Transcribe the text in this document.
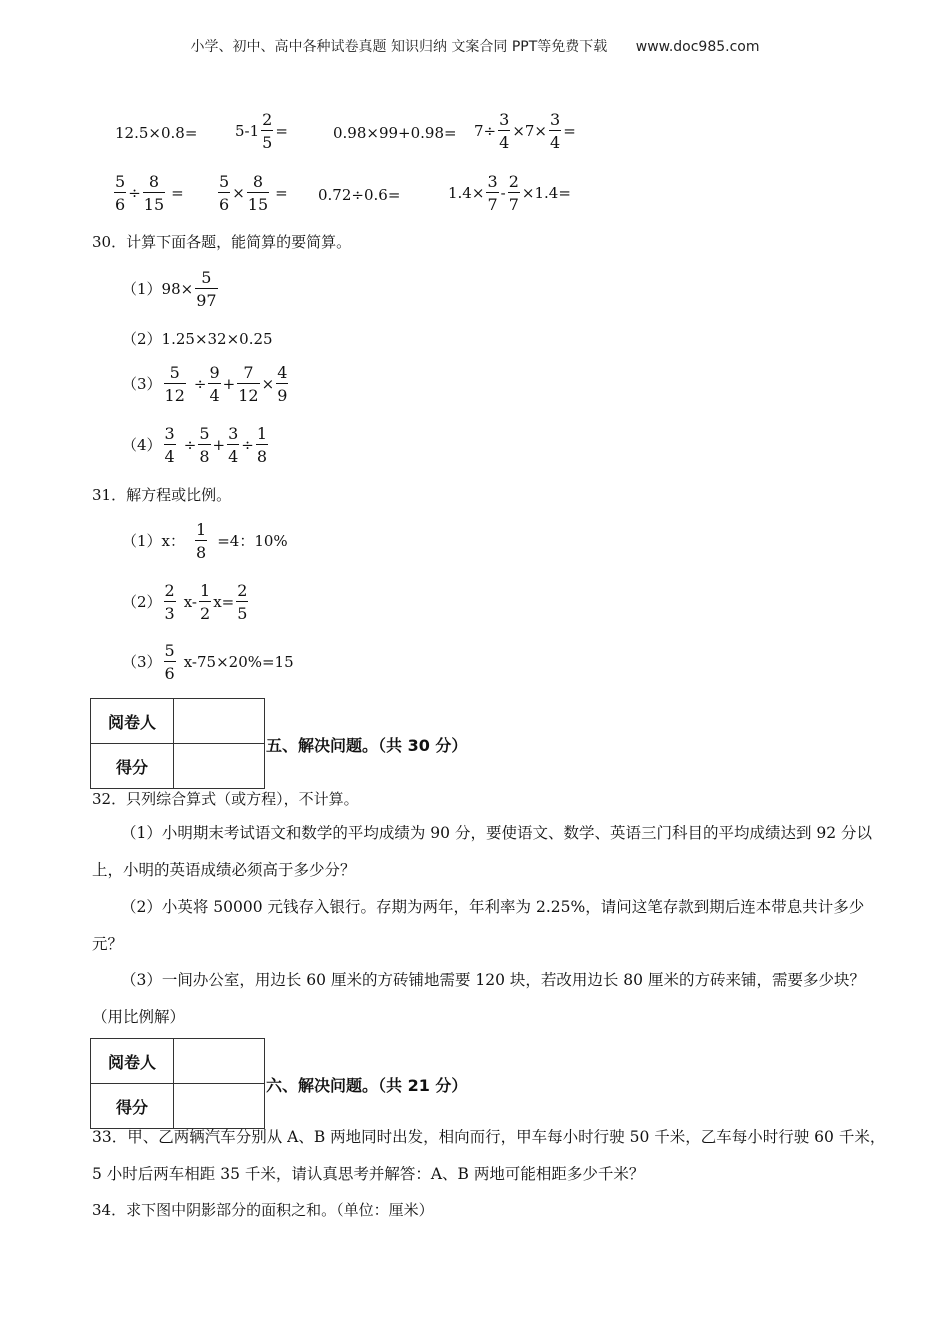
小学、初中、高中各种试卷真题 知识归纳 文案合同 PPT等免费下载 www.doc985.com
12.5×0.8=	$5-1 \frac{2}{5}$ =	$0.98\times 99+0.98= 7\div \frac{3}{4} \times 7\times \frac{3}{4}$ =
$\frac{5}{6} \div \frac{8}{15} = \frac{5}{6} \times \frac{8}{15} = 0.72\div 0.6=$	$1.4\times \frac{3}{7} - \frac{2}{7} \times 1.4=$
30．计算下面各题，能简算的要简算。
$(1)98\times \frac{5}{97}$
（2）1.25×32×0.25
$(3) \frac{5}{12} \div \frac{9}{4} + \frac{7}{12} \times \frac{4}{9}$
$(4) \frac{3}{4} \div \frac{5}{8} + \frac{3}{4} \div \frac{1}{8}$
31．解方程或比例。
（1）x： $\frac{1}{8} =4$：10%
$(2) \frac{2}{3} x- \frac{1}{2} x= \frac{2}{5}$
$(3) \frac{5}{6} x-75\times 20\%=15$
阅卷人	
得分	
五、解决问题。（共 30 分）
32．只列综合算式（或方程），不计算。
（1）小明期末考试语文和数学的平均成绩为 90 分，要使语文、数学、英语三门科目的平均成绩达到 92 分以上，小明的英语成绩必须高于多少分？
（2）小英将 50000 元钱存入银行。存期为两年，年利率为 2.25%，请问这笔存款到期后连本带息共计多少元？
（3）一间办公室，用边长 60 厘米的方砖铺地需要 120 块，若改用边长 80 厘米的方砖来铺，需要多少块？（用比例解）
阅卷人	
得分	
六、解决问题。（共 21 分）
33．甲、乙两辆汽车分别从 A、B 两地同时出发，相向而行，甲车每小时行驶 50 千米，乙车每小时行驶 60 千米，5 小时后两车相距 35 千米，请认真思考并解答：A、B 两地可能相距多少千米？
34．求下图中阴影部分的面积之和。（单位：厘米）
